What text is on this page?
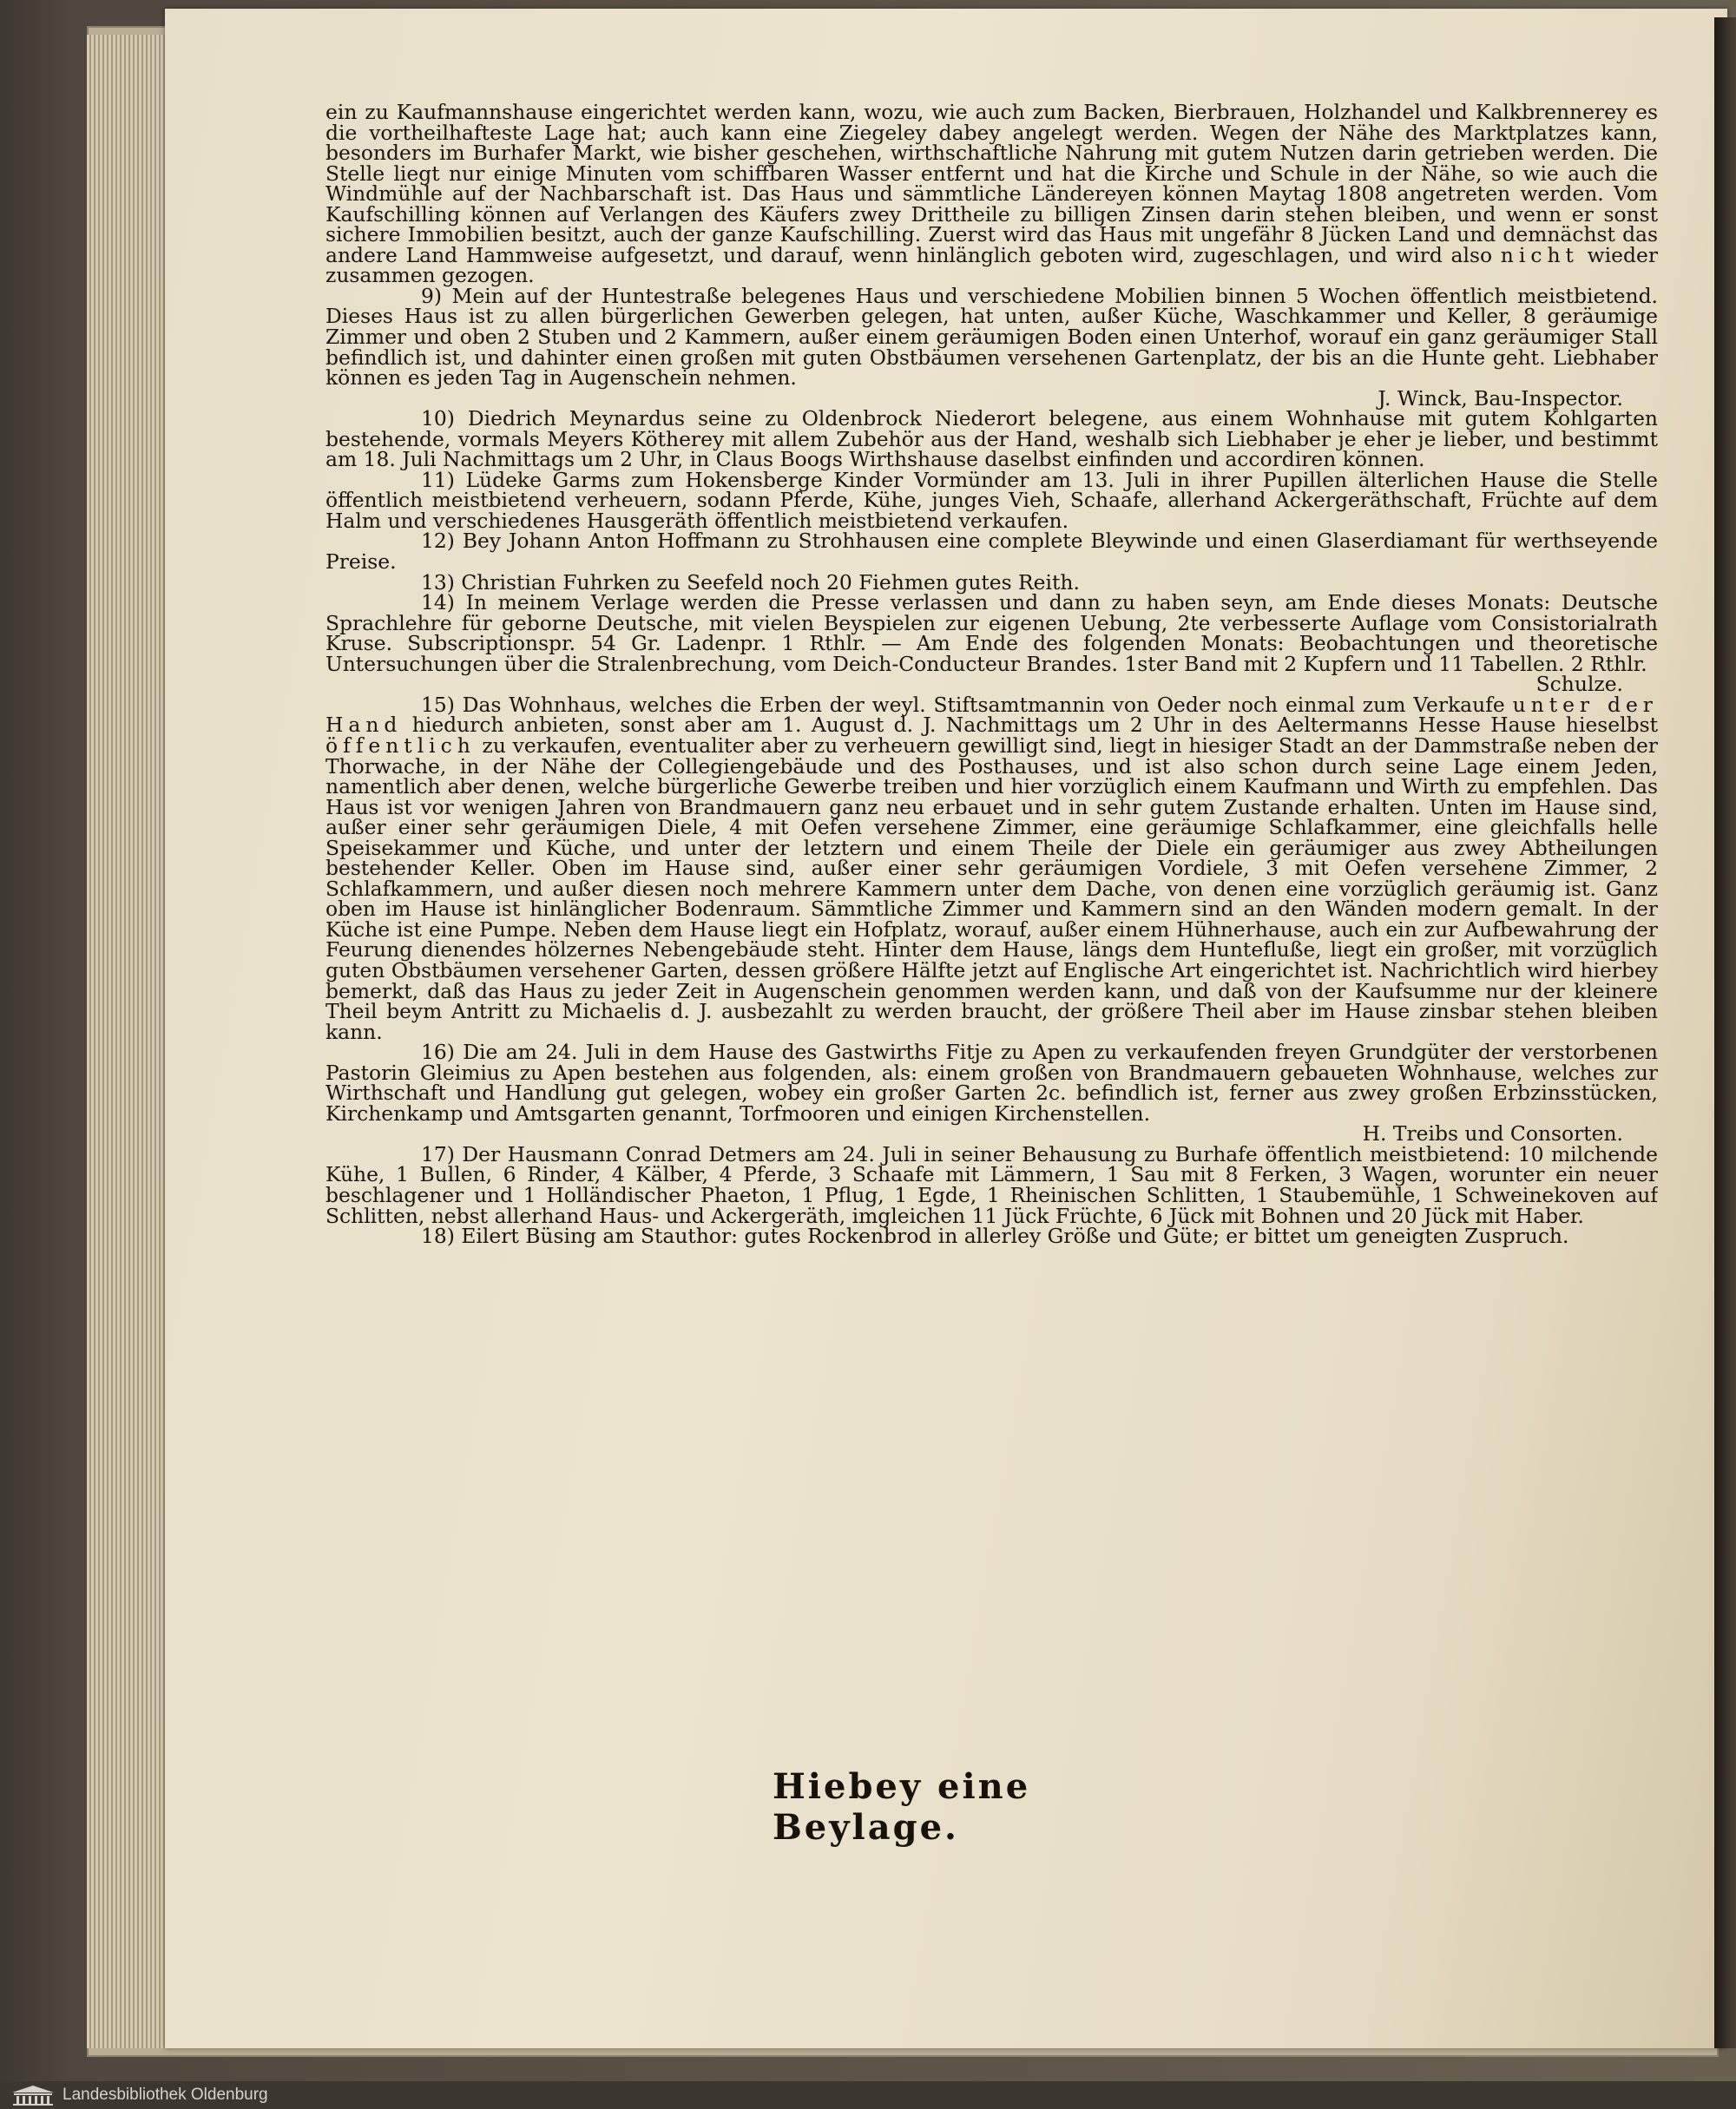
ein zu Kaufmannshause eingerichtet werden kann, wozu, wie auch zum Backen, Bierbrauen, Holzhandel und Kalkbrennerey es die vortheilhafteste Lage hat; auch kann eine Ziegeley dabey angelegt werden. Wegen der Nähe des Marktplatzes kann, besonders im Burhafer Markt, wie bisher geschehen, wirthschaftliche Nahrung mit gutem Nutzen darin getrieben werden. Die Stelle liegt nur einige Minuten vom schiffbaren Wasser entfernt und hat die Kirche und Schule in der Nähe, so wie auch die Windmühle auf der Nachbarschaft ist. Das Haus und sämmtliche Ländereyen können Maytag 1808 angetreten werden. Vom Kaufschilling können auf Verlangen des Käufers zwey Drittheile zu billigen Zinsen darin stehen bleiben, und wenn er sonst sichere Immobilien besitzt, auch der ganze Kaufschilling. Zuerst wird das Haus mit ungefähr 8 Jücken Land und demnächst das andere Land Hammweise aufgesetzt, und darauf, wenn hinlänglich geboten wird, zugeschlagen, und wird also nicht wieder zusammen gezogen.

9) Mein auf der Huntestraße belegenes Haus und verschiedene Mobilien binnen 5 Wochen öffentlich meistbietend. Dieses Haus ist zu allen bürgerlichen Gewerben gelegen, hat unten, außer Küche, Waschkammer und Keller, 8 geräumige Zimmer und oben 2 Stuben und 2 Kammern, außer einem geräumigen Boden einen Unterhof, worauf ein ganz geräumiger Stall befindlich ist, und dahinter einen großen mit guten Obstbäumen versehenen Gartenplatz, der bis an die Hunte geht. Liebhaber können es jeden Tag in Augenschein nehmen.

J. Winck, Bau-Inspector.

10) Diedrich Meynardus seine zu Oldenbrock Niederort belegene, aus einem Wohnhause mit gutem Kohlgarten bestehende, vormals Meyers Kötherey mit allem Zubehör aus der Hand, weshalb sich Liebhaber je eher je lieber, und bestimmt am 18. Juli Nachmittags um 2 Uhr, in Claus Boogs Wirthshause daselbst einfinden und accordiren können.

11) Lüdeke Garms zum Hokensberge Kinder Vormünder am 13. Juli in ihrer Pupillen älterlichen Hause die Stelle öffentlich meistbietend verheuern, sodann Pferde, Kühe, junges Vieh, Schaafe, allerhand Ackergeräthschaft, Früchte auf dem Halm und verschiedenes Hausgeräth öffentlich meistbietend verkaufen.

12) Bey Johann Anton Hoffmann zu Strohhausen eine complete Bleywinde und einen Glaserdiamant für werthseyende Preise.

13) Christian Fuhrken zu Seefeld noch 20 Fiehmen gutes Reith.

14) In meinem Verlage werden die Presse verlassen und dann zu haben seyn, am Ende dieses Monats: Deutsche Sprachlehre für geborne Deutsche, mit vielen Beyspielen zur eigenen Uebung, 2te verbesserte Auflage vom Consistorialrath Kruse. Subscriptionspr. 54 Gr. Ladenpr. 1 Rthlr. — Am Ende des folgenden Monats: Beobachtungen und theoretische Untersuchungen über die Stralenbrechung, vom Deich-Conducteur Brandes. 1ster Band mit 2 Kupfern und 11 Tabellen. 2 Rthlr.

Schulze.

15) Das Wohnhaus, welches die Erben der weyl. Stiftsamtmannin von Oeder noch einmal zum Verkaufe unter der Hand hiedurch anbieten, sonst aber am 1. August d. J. Nachmittags um 2 Uhr in des Aeltermanns Hesse Hause hieselbst öffentlich zu verkaufen, eventualiter aber zu verheuern gewilligt sind, liegt in hiesiger Stadt an der Dammstraße neben der Thorwache, in der Nähe der Collegiengebäude und des Posthauses, und ist also schon durch seine Lage einem Jeden, namentlich aber denen, welche bürgerliche Gewerbe treiben und hier vorzüglich einem Kaufmann und Wirth zu empfehlen. Das Haus ist vor wenigen Jahren von Brandmauern ganz neu erbauet und in sehr gutem Zustande erhalten. Unten im Hause sind, außer einer sehr geräumigen Diele, 4 mit Oefen versehene Zimmer, eine geräumige Schlafkammer, eine gleichfalls helle Speisekammer und Küche, und unter der letztern und einem Theile der Diele ein geräumiger aus zwey Abtheilungen bestehender Keller. Oben im Hause sind, außer einer sehr geräumigen Vordiele, 3 mit Oefen versehene Zimmer, 2 Schlafkammern, und außer diesen noch mehrere Kammern unter dem Dache, von denen eine vorzüglich geräumig ist. Ganz oben im Hause ist hinlänglicher Bodenraum. Sämmtliche Zimmer und Kammern sind an den Wänden modern gemalt. In der Küche ist eine Pumpe. Neben dem Hause liegt ein Hofplatz, worauf, außer einem Hühnerhause, auch ein zur Aufbewahrung der Feurung dienendes hölzernes Nebengebäude steht. Hinter dem Hause, längs dem Huntefluße, liegt ein großer, mit vorzüglich guten Obstbäumen versehener Garten, dessen größere Hälfte jetzt auf Englische Art eingerichtet ist. Nachrichtlich wird hierbey bemerkt, daß das Haus zu jeder Zeit in Augenschein genommen werden kann, und daß von der Kaufsumme nur der kleinere Theil beym Antritt zu Michaelis d. J. ausbezahlt zu werden braucht, der größere Theil aber im Hause zinsbar stehen bleiben kann.

16) Die am 24. Juli in dem Hause des Gastwirths Fitje zu Apen zu verkaufenden freyen Grundgüter der verstorbenen Pastorin Gleimius zu Apen bestehen aus folgenden, als: einem großen von Brandmauern gebaueten Wohnhause, welches zur Wirthschaft und Handlung gut gelegen, wobey ein großer Garten 2c. befindlich ist, ferner aus zwey großen Erbzinsstücken, Kirchenkamp und Amtsgarten genannt, Torfmooren und einigen Kirchenstellen.

H. Treibs und Consorten.

17) Der Hausmann Conrad Detmers am 24. Juli in seiner Behausung zu Burhafe öffentlich meistbietend: 10 milchende Kühe, 1 Bullen, 6 Rinder, 4 Kälber, 4 Pferde, 3 Schaafe mit Lämmern, 1 Sau mit 8 Ferken, 3 Wagen, worunter ein neuer beschlagener und 1 Holländischer Phaeton, 1 Pflug, 1 Egde, 1 Rheinischen Schlitten, 1 Staubemühle, 1 Schweinekoven auf Schlitten, nebst allerhand Haus- und Ackergeräth, imgleichen 11 Jück Früchte, 6 Jück mit Bohnen und 20 Jück mit Haber.

18) Eilert Büsing am Stauthor: gutes Rockenbrod in allerley Größe und Güte; er bittet um geneigten Zuspruch.

Hiebey eine Beylage.
Landesbibliothek Oldenburg
